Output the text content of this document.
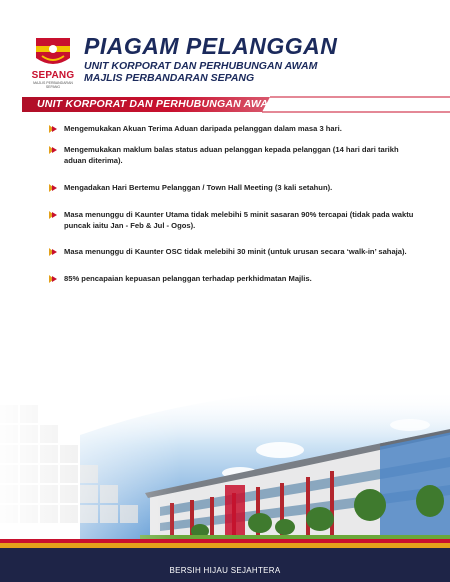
SEPANG
MAJLIS PERBANDARAN SEPANG
PIAGAM PELANGGAN
UNIT KORPORAT DAN PERHUBUNGAN AWAM
MAJLIS PERBANDARAN SEPANG
UNIT KORPORAT DAN PERHUBUNGAN AWAM
Mengemukakan Akuan Terima Aduan daripada pelanggan dalam masa 3 hari.
Mengemukakan maklum balas status aduan pelanggan kepada pelanggan (14 hari dari tarikh aduan diterima).
Mengadakan Hari Bertemu Pelanggan / Town Hall Meeting (3 kali setahun).
Masa menunggu di Kaunter Utama tidak melebihi 5 minit sasaran 90% tercapai (tidak pada waktu puncak iaitu Jan - Feb & Jul - Ogos).
Masa menunggu di Kaunter OSC tidak melebihi 30 minit (untuk urusan secara ‘walk-in’ sahaja).
85% pencapaian kepuasan pelanggan terhadap perkhidmatan Majlis.
BERSIH HIJAU SEJAHTERA
